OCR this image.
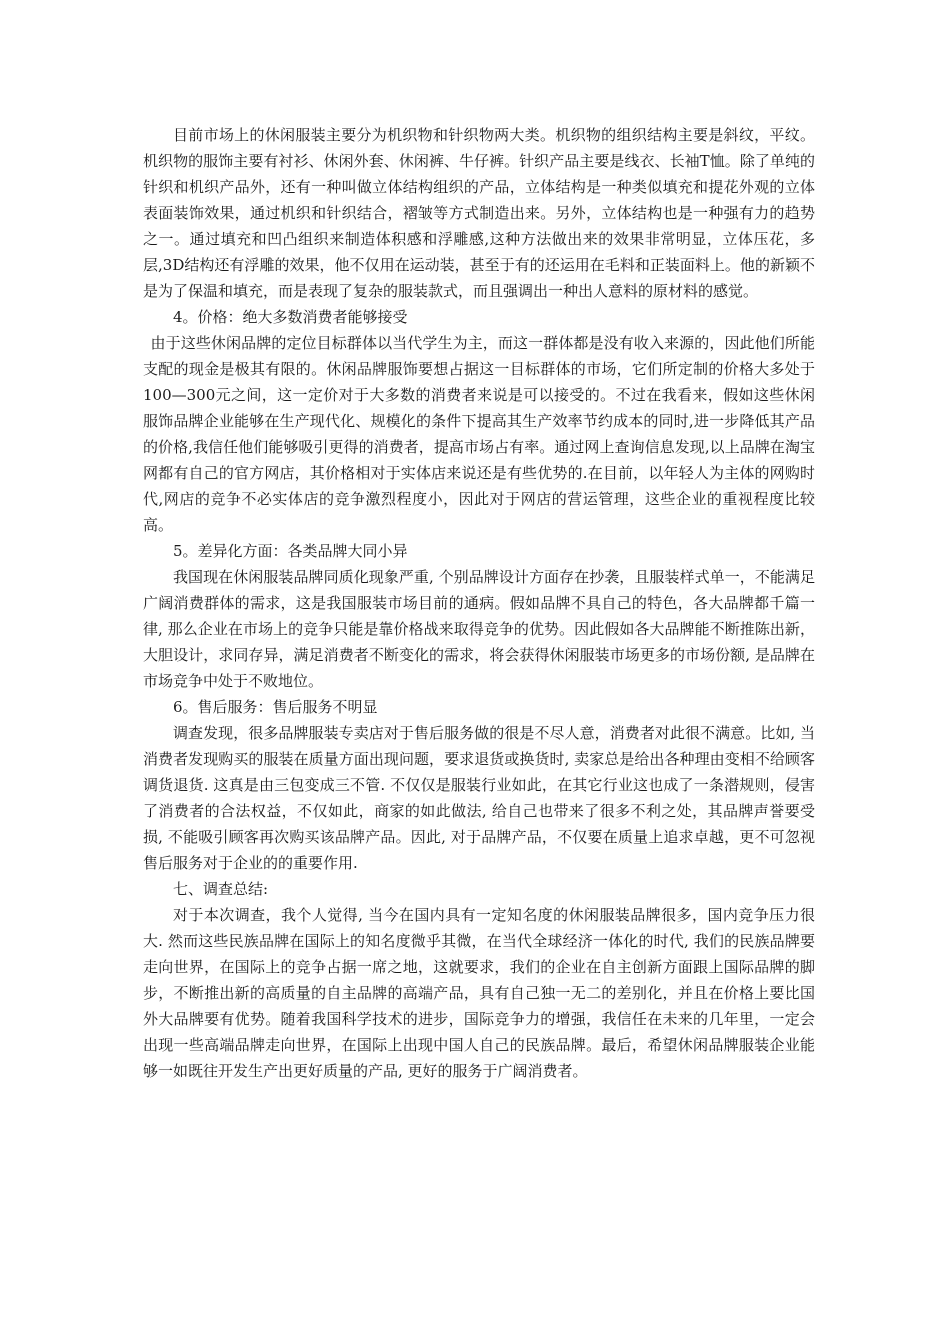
目前市场上的休闲服装主要分为机织物和针织物两大类。机织物的组织结构主要是斜纹，平纹。机织物的服饰主要有衬衫、休闲外套、休闲裤、牛仔裤。针织产品主要是线衣、长袖T恤。除了单纯的针织和机织产品外，还有一种叫做立体结构组织的产品，立体结构是一种类似填充和提花外观的立体表面装饰效果，通过机织和针织结合，褶皱等方式制造出来。另外，立体结构也是一种强有力的趋势之一。通过填充和凹凸组织来制造体积感和浮雕感,这种方法做出来的效果非常明显，立体压花，多层,3D结构还有浮雕的效果，他不仅用在运动装，甚至于有的还运用在毛料和正装面料上。他的新颖不是为了保温和填充，而是表现了复杂的服装款式，而且强调出一种出人意料的原材料的感觉。

4。价格：绝大多数消费者能够接受

由于这些休闲品牌的定位目标群体以当代学生为主，而这一群体都是没有收入来源的，因此他们所能支配的现金是极其有限的。休闲品牌服饰要想占据这一目标群体的市场，它们所定制的价格大多处于100—300元之间，这一定价对于大多数的消费者来说是可以接受的。不过在我看来，假如这些休闲服饰品牌企业能够在生产现代化、规模化的条件下提高其生产效率节约成本的同时,进一步降低其产品的价格,我信任他们能够吸引更得的消费者，提高市场占有率。通过网上查询信息发现,以上品牌在淘宝网都有自己的官方网店，其价格相对于实体店来说还是有些优势的.在目前，以年轻人为主体的网购时代,网店的竞争不必实体店的竞争激烈程度小，因此对于网店的营运管理，这些企业的重视程度比较高。

5。差异化方面：各类品牌大同小异

我国现在休闲服装品牌同质化现象严重, 个别品牌设计方面存在抄袭，且服装样式单一，不能满足广阔消费群体的需求，这是我国服装市场目前的通病。假如品牌不具自己的特色，各大品牌都千篇一律, 那么企业在市场上的竞争只能是靠价格战来取得竞争的优势。因此假如各大品牌能不断推陈出新，大胆设计，求同存异，满足消费者不断变化的需求，将会获得休闲服装市场更多的市场份额, 是品牌在市场竞争中处于不败地位。

6。售后服务：售后服务不明显

调查发现，很多品牌服装专卖店对于售后服务做的很是不尽人意，消费者对此很不满意。比如, 当消费者发现购买的服装在质量方面出现问题，要求退货或换货时, 卖家总是给出各种理由变相不给顾客调货退货. 这真是由三包变成三不管. 不仅仅是服装行业如此，在其它行业这也成了一条潜规则，侵害了消费者的合法权益，不仅如此，商家的如此做法, 给自己也带来了很多不利之处，其品牌声誉要受损, 不能吸引顾客再次购买该品牌产品。因此, 对于品牌产品，不仅要在质量上追求卓越，更不可忽视售后服务对于企业的的重要作用.

七、调查总结:

对于本次调查，我个人觉得, 当今在国内具有一定知名度的休闲服装品牌很多，国内竞争压力很大. 然而这些民族品牌在国际上的知名度微乎其微，在当代全球经济一体化的时代, 我们的民族品牌要走向世界，在国际上的竞争占据一席之地，这就要求，我们的企业在自主创新方面跟上国际品牌的脚步，不断推出新的高质量的自主品牌的高端产品，具有自己独一无二的差别化，并且在价格上要比国外大品牌要有优势。随着我国科学技术的进步，国际竞争力的增强，我信任在未来的几年里，一定会出现一些高端品牌走向世界，在国际上出现中国人自己的民族品牌。最后，希望休闲品牌服装企业能够一如既往开发生产出更好质量的产品, 更好的服务于广阔消费者。
